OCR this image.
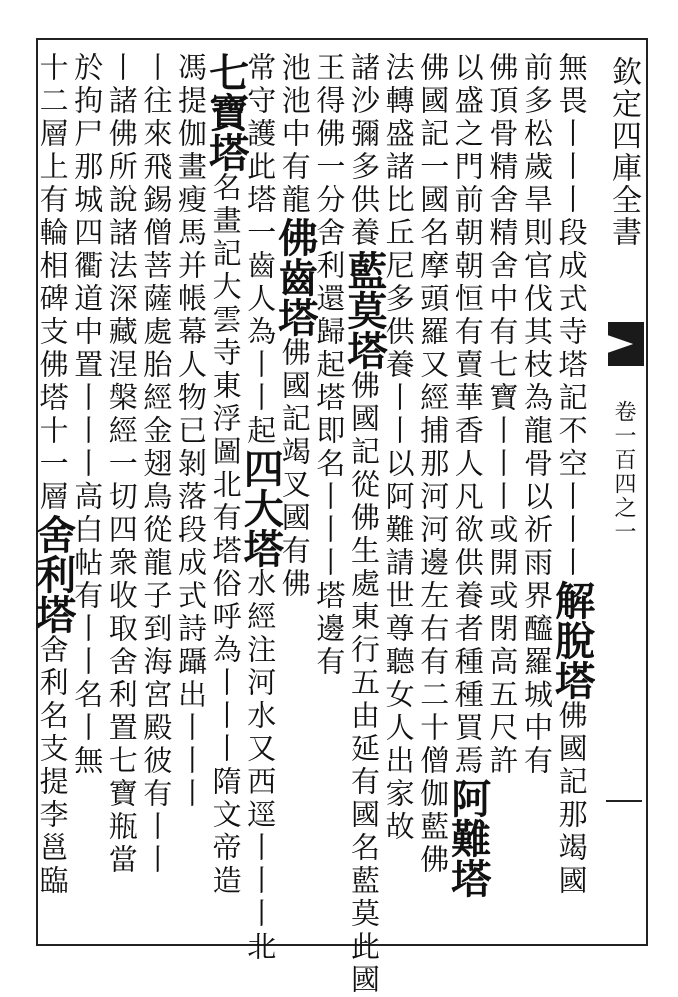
欽定四庫全書
卷一百四之一
無畏丨丨丨段成式寺塔記不空丨丨丨解脫塔佛國記那竭國
前多松歲旱則官伐其枝為龍骨以祈雨界醯羅城中有
佛頂骨精舍精舍中有七寶丨丨丨或開或閉高五尺許
以盛之門前朝朝恒有賣華香人凡欲供養者種種買焉阿難塔
佛國記一國名摩頭羅又經捕那河河邊左右有二十僧伽藍佛
法轉盛諸比丘尼多供養丨丨以阿難請世尊聽女人出家故
諸沙彌多供養藍莫塔佛國記從佛生處東行五由延有國名藍莫此國
王得佛一分舍利還歸起塔即名丨丨丨塔邊有
池池中有龍佛齒塔佛國記竭叉國有佛
常守護此塔一齒人為丨丨起四大塔水經注河水又西逕丨丨丨北
七寶塔名畫記大雲寺東浮圖北有塔俗呼為丨丨丨隋文帝造
馮提伽畫瘦馬并帳幕人物已剝落段成式詩躡出丨丨丨
丨往來飛錫僧菩薩處胎經金翅鳥從龍子到海宮殿彼有丨丨
丨諸佛所說諸法深藏涅槃經一切四衆收取舍利置七寶瓶當
於拘尸那城四衢道中置丨丨丨高白帖有丨丨名丨無
十二層上有輪相碑支佛塔十一層舍利塔舍利名支提李邕臨
